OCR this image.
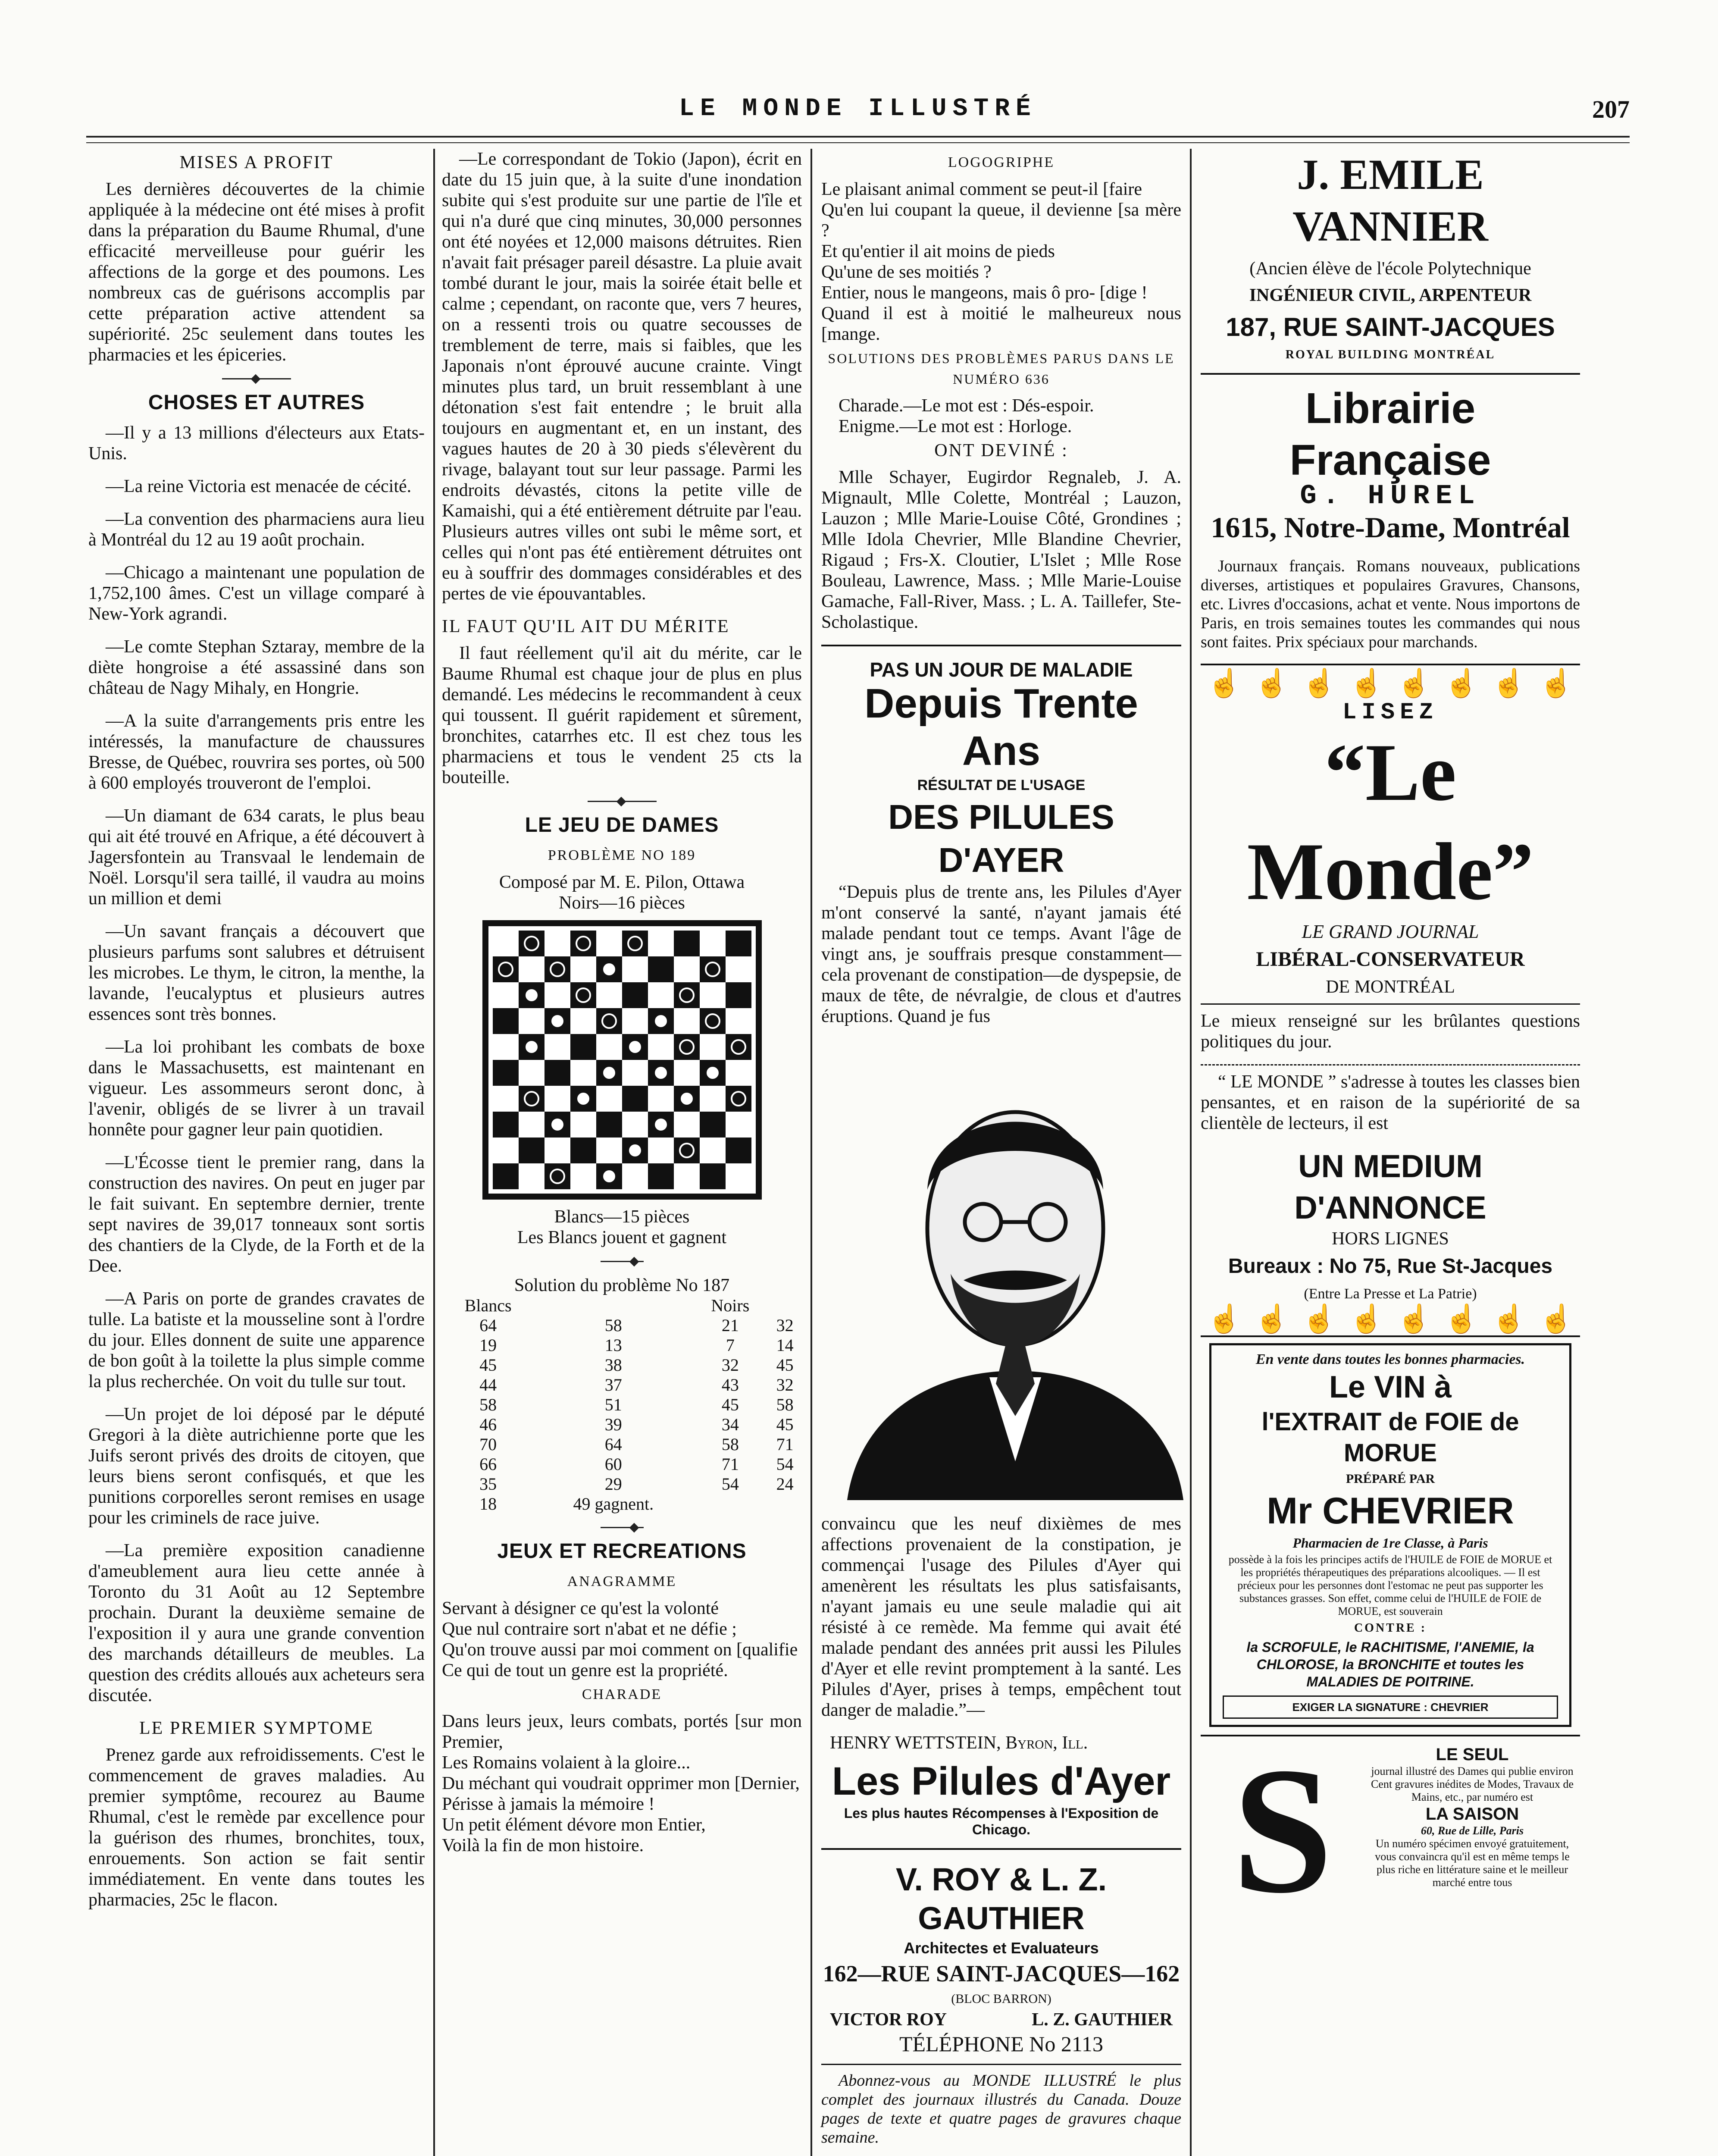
LE MONDE ILLUSTRÉ	207
MISES A PROFIT

Les dernières découvertes de la chimie appliquée à la médecine ont été mises à profit dans la préparation du Baume Rhumal, d'une efficacité merveilleuse pour guérir les affections de la gorge et des poumons. Les nombreux cas de guérisons accomplis par cette préparation active attendent sa supériorité. 25c seulement dans toutes les pharmacies et les épiceries.

CHOSES ET AUTRES

—Il y a 13 millions d'électeurs aux Etats-Unis.

—La reine Victoria est menacée de cécité.

—La convention des pharmaciens aura lieu à Montréal du 12 au 19 août prochain.

—Chicago a maintenant une population de 1,752,100 âmes. C'est un village comparé à New-York agrandi.

—Le comte Stephan Sztaray, membre de la diète hongroise a été assassiné dans son château de Nagy Mihaly, en Hongrie.

—A la suite d'arrangements pris entre les intéressés, la manufacture de chaussures Bresse, de Québec, rouvrira ses portes, où 500 à 600 employés trouveront de l'emploi.

—Un diamant de 634 carats, le plus beau qui ait été trouvé en Afrique, a été découvert à Jagersfontein au Transvaal le lendemain de Noël. Lorsqu'il sera taillé, il vaudra au moins un million et demi

—Un savant français a découvert que plusieurs parfums sont salubres et détruisent les microbes. Le thym, le citron, la menthe, la lavande, l'eucalyptus et plusieurs autres essences sont très bonnes.

—La loi prohibant les combats de boxe dans le Massachusetts, est maintenant en vigueur. Les assommeurs seront donc, à l'avenir, obligés de se livrer à un travail honnête pour gagner leur pain quotidien.

—L'Écosse tient le premier rang, dans la construction des navires. On peut en juger par le fait suivant. En septembre dernier, trente sept navires de 39,017 tonneaux sont sortis des chantiers de la Clyde, de la Forth et de la Dee.

—A Paris on porte de grandes cravates de tulle. La batiste et la mousseline sont à l'ordre du jour. Elles donnent de suite une apparence de bon goût à la toilette la plus simple comme la plus recherchée. On voit du tulle sur tout.

—Un projet de loi déposé par le député Gregori à la diète autrichienne porte que les Juifs seront privés des droits de citoyen, que leurs biens seront confisqués, et que les punitions corporelles seront remises en usage pour les criminels de race juive.

—La première exposition canadienne d'ameublement aura lieu cette année à Toronto du 31 Août au 12 Septembre prochain. Durant la deuxième semaine de l'exposition il y aura une grande convention des marchands détailleurs de meubles. La question des crédits alloués aux acheteurs sera discutée.

LE PREMIER SYMPTOME

Prenez garde aux refroidissements. C'est le commencement de graves maladies. Au premier symptôme, recourez au Baume Rhumal, c'est le remède par excellence pour la guérison des rhumes, bronchites, toux, enrouements. Son action se fait sentir immédiatement. En vente dans toutes les pharmacies, 25c le flacon.

—Le correspondant de Tokio (Japon), écrit en date du 15 juin que, à la suite d'une inondation subite qui s'est produite sur une partie de l'île et qui n'a duré que cinq minutes, 30,000 personnes ont été noyées et 12,000 maisons détruites. Rien n'avait fait présager pareil désastre. La pluie avait tombé durant le jour, mais la soirée était belle et calme ; cependant, on raconte que, vers 7 heures, on a ressenti trois ou quatre secousses de tremblement de terre, mais si faibles, que les Japonais n'ont éprouvé aucune crainte. Vingt minutes plus tard, un bruit ressemblant à une détonation s'est fait entendre ; le bruit alla toujours en augmentant et, en un instant, des vagues hautes de 20 à 30 pieds s'élevèrent du rivage, balayant tout sur leur passage. Parmi les endroits dévastés, citons la petite ville de Kamaishi, qui a été entièrement détruite par l'eau. Plusieurs autres villes ont subi le même sort, et celles qui n'ont pas été entièrement détruites ont eu à souffrir des dommages considérables et des pertes de vie épouvantables.

IL FAUT QU'IL AIT DU MÉRITE

Il faut réellement qu'il ait du mérite, car le Baume Rhumal est chaque jour de plus en plus demandé. Les médecins le recommandent à ceux qui toussent. Il guérit rapidement et sûrement, bronchites, catarrhes etc. Il est chez tous les pharmaciens et tous le vendent 25 cts la bouteille.

LE JEU DE DAMES
PROBLÈME NO 189
Composé par M. E. Pilon, Ottawa
Noirs—16 pièces
Blancs—15 pièces
Les Blancs jouent et gagnent
Solution du problème No 187
Blancs		Noirs	
64	58	21	32
19	13	7	14
45	38	32	45
44	37	43	32
58	51	45	58
46	39	34	45
70	64	58	71
66	60	71	54
35	29	54	24
18	49 gagnent.		
JEUX ET RECREATIONS
ANAGRAMME
Servant à désigner ce qu'est la volonté
Que nul contraire sort n'abat et ne défie ;
Qu'on trouve aussi par moi comment on [qualifie
Ce qui de tout un genre est la propriété.
CHARADE
Dans leurs jeux, leurs combats, portés [sur mon Premier,
Les Romains volaient à la gloire...
Du méchant qui voudrait opprimer mon [Dernier,
Périsse à jamais la mémoire !
Un petit élément dévore mon Entier,
Voilà la fin de mon histoire.
LOGOGRIPHE
Le plaisant animal comment se peut-il [faire
Qu'en lui coupant la queue, il devienne [sa mère ?
Et qu'entier il ait moins de pieds
Qu'une de ses moitiés ?
Entier, nous le mangeons, mais ô pro- [dige !
Quand il est à moitié le malheureux nous [mange.
SOLUTIONS DES PROBLÈMES PARUS DANS LE NUMÉRO 636
Charade.—Le mot est : Dés-espoir.
Enigme.—Le mot est : Horloge.
ONT DEVINÉ :

Mlle Schayer, Eugirdor Regnaleb, J. A. Mignault, Mlle Colette, Montréal ; Lauzon, Lauzon ; Mlle Marie-Louise Côté, Grondines ; Mlle Idola Chevrier, Mlle Blandine Chevrier, Rigaud ; Frs-X. Cloutier, L'Islet ; Mlle Rose Bouleau, Lawrence, Mass. ; Mlle Marie-Louise Gamache, Fall-River, Mass. ; L. A. Taillefer, Ste-Scholastique.

PAS UN JOUR DE MALADIE
Depuis Trente Ans
RÉSULTAT DE L'USAGE
DES PILULES D'AYER

“Depuis plus de trente ans, les Pilules d'Ayer m'ont conservé la santé, n'ayant jamais été malade pendant tout ce temps. Avant l'âge de vingt ans, je souffrais presque constamment—cela provenant de constipation—de dyspepsie, de maux de tête, de névralgie, de clous et d'autres éruptions. Quand je fus

convaincu que les neuf dixièmes de mes affections provenaient de la constipation, je commençai l'usage des Pilules d'Ayer qui amenèrent les résultats les plus satisfaisants, n'ayant jamais eu une seule maladie qui ait résisté à ce remède. Ma femme qui avait été malade pendant des années prit aussi les Pilules d'Ayer et elle revint promptement à la santé. Les Pilules d'Ayer, prises à temps, empêchent tout danger de maladie.”—

HENRY WETTSTEIN, Byron, Ill.
Les Pilules d'Ayer
Les plus hautes Récompenses à l'Exposition de Chicago.
V. ROY & L. Z. GAUTHIER
Architectes et Evaluateurs
162—RUE SAINT-JACQUES—162
(BLOC BARRON)
VICTOR ROY	L. Z. GAUTHIER
TÉLÉPHONE No 2113

Abonnez-vous au MONDE ILLUSTRÉ le plus complet des journaux illustrés du Canada. Douze pages de texte et quatre pages de gravures chaque semaine.

J. EMILE VANNIER
(Ancien élève de l'école Polytechnique
INGÉNIEUR CIVIL, ARPENTEUR
187, RUE SAINT-JACQUES
ROYAL BUILDING MONTRÉAL
Librairie Française
G. HUREL
1615, Notre-Dame, Montréal

Journaux français. Romans nouveaux, publications diverses, artistiques et populaires Gravures, Chansons, etc. Livres d'occasions, achat et vente. Nous importons de Paris, en trois semaines toutes les commandes qui nous sont faites. Prix spéciaux pour marchands.

☝ ☝ ☝ ☝ ☝ ☝ ☝ ☝
LISEZ
“Le Monde”
LE GRAND JOURNAL
LIBÉRAL-CONSERVATEUR
DE MONTRÉAL

Le mieux renseigné sur les brûlantes questions politiques du jour.

“ LE MONDE ” s'adresse à toutes les classes bien pensantes, et en raison de la supériorité de sa clientèle de lecteurs, il est

UN MEDIUM D'ANNONCE
HORS LIGNES
Bureaux : No 75, Rue St-Jacques
(Entre La Presse et La Patrie)
☝ ☝ ☝ ☝ ☝ ☝ ☝ ☝
En vente dans toutes les bonnes pharmacies.
Le VIN à
l'EXTRAIT de FOIE de MORUE
PRÉPARÉ PAR
Mr CHEVRIER
Pharmacien de 1re Classe, à Paris
possède à la fois les principes actifs de l'HUILE de FOIE de MORUE et les propriétés thérapeutiques des préparations alcooliques. — Il est précieux pour les personnes dont l'estomac ne peut pas supporter les substances grasses. Son effet, comme celui de l'HUILE de FOIE de MORUE, est souverain
CONTRE :
la SCROFULE, le RACHITISME, l'ANEMIE, la CHLOROSE, la BRONCHITE et toutes les MALADIES DE POITRINE.
EXIGER LA SIGNATURE : CHEVRIER
S	LE SEUL
journal illustré des Dames qui publie environ Cent gravures inédites de Modes, Travaux de Mains, etc., par numéro est
LA SAISON
60, Rue de Lille, Paris
Un numéro spécimen envoyé gratuitement, vous convaincra qu'il est en même temps le plus riche en littérature saine et le meilleur marché entre tous
